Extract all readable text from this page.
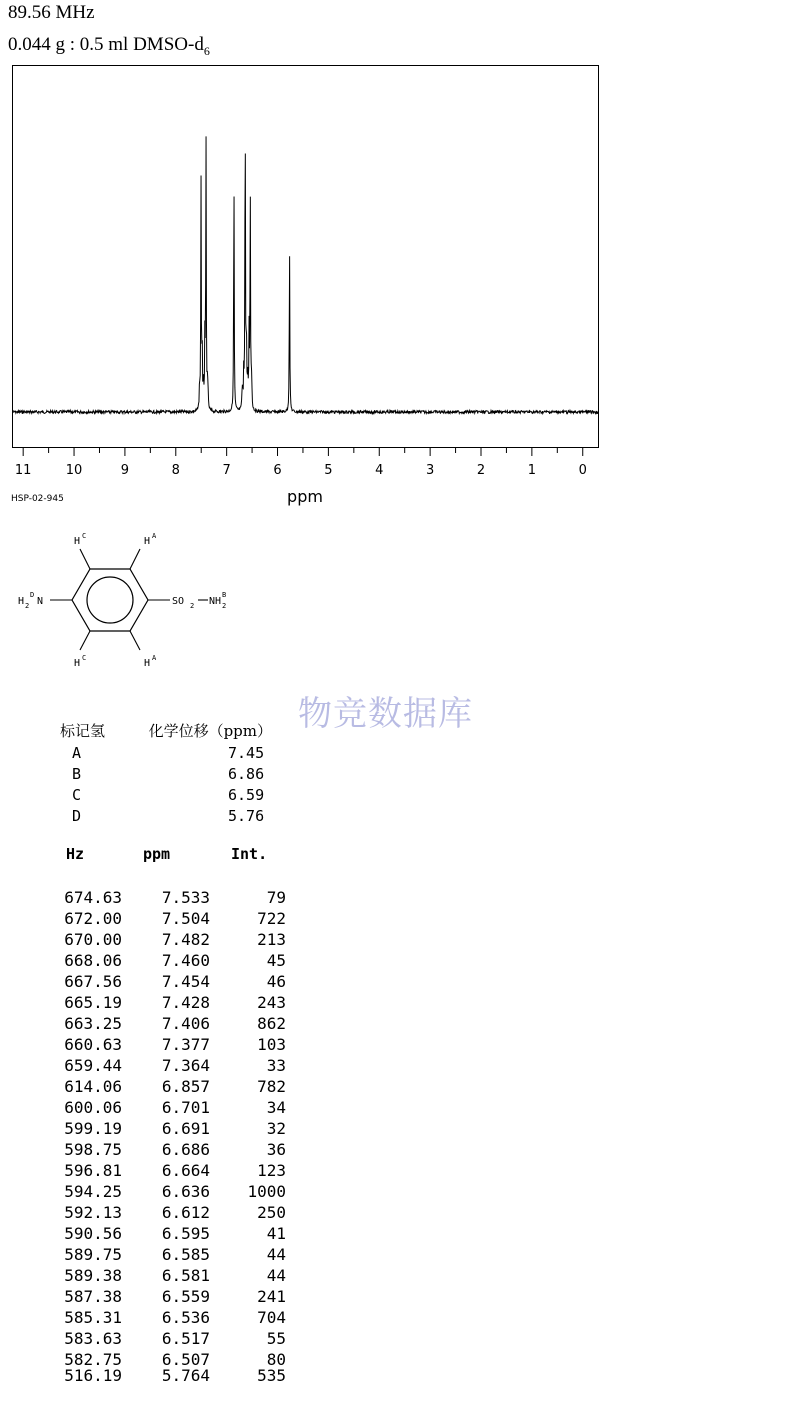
89.56 MHz
0.044 g : 0.5 ml DMSO-$d_6$
11	10	9	8	7	6	5	4	3	2	1	0
ppm
HSP-02-945
H C	H A
H C	H A
H 2 N
D
SO 2 NH 2
B
物竞数据库
标记氢	化学位移（ppm）
A	7.45
B	6.86
C	6.59
D	5.76
Hz	ppm	Int.
674.63	7.533	79
672.00	7.504	722
670.00	7.482	213
668.06	7.460	45
667.56	7.454	46
665.19	7.428	243
663.25	7.406	862
660.63	7.377	103
659.44	7.364	33
614.06	6.857	782
600.06	6.701	34
599.19	6.691	32
598.75	6.686	36
596.81	6.664	123
594.25	6.636	1000
592.13	6.612	250
590.56	6.595	41
589.75	6.585	44
589.38	6.581	44
587.38	6.559	241
585.31	6.536	704
583.63	6.517	55
582.75	6.507	80
516.19	5.764	535
